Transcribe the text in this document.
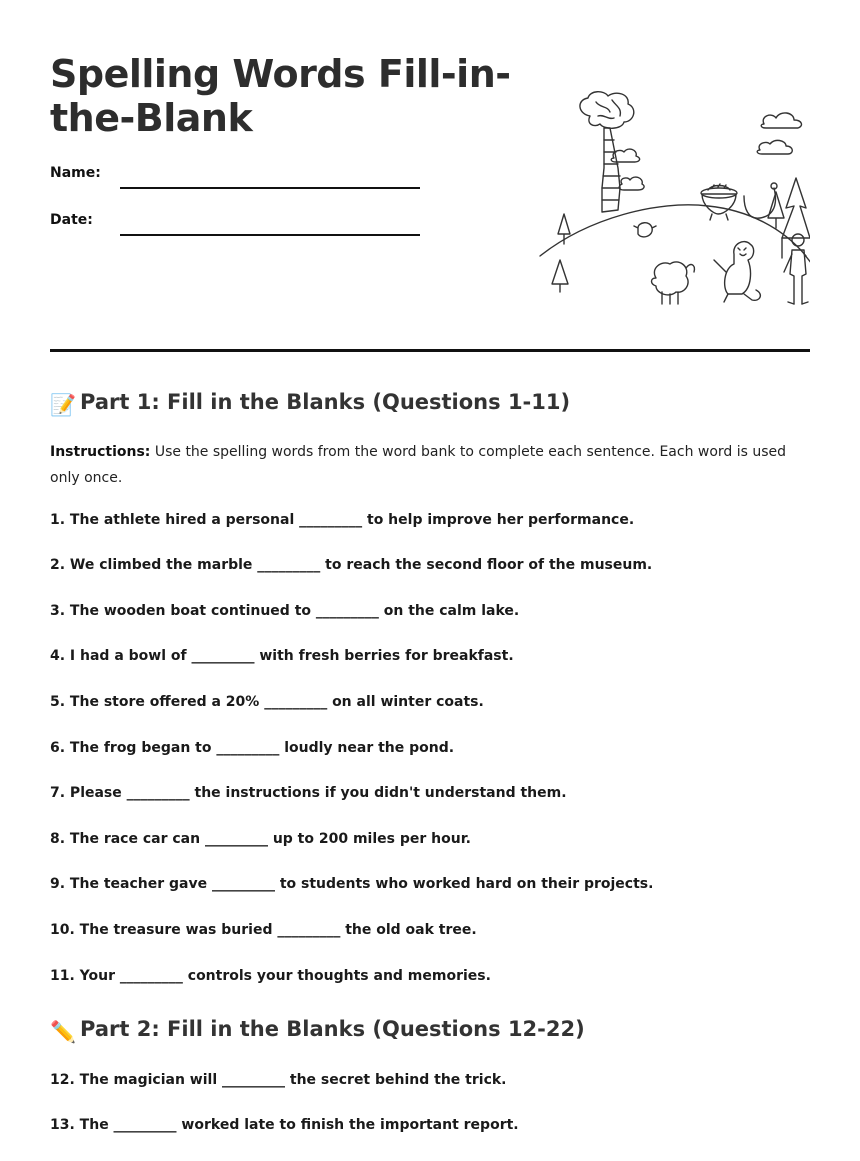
Spelling Words Fill-in-the-Blank
Name:
Date:
📝 Part 1: Fill in the Blanks (Questions 1-11)
Instructions: Use the spelling words from the word bank to complete each sentence. Each word is used only once.
1. The athlete hired a personal _________ to help improve her performance.
2. We climbed the marble _________ to reach the second floor of the museum.
3. The wooden boat continued to _________ on the calm lake.
4. I had a bowl of _________ with fresh berries for breakfast.
5. The store offered a 20% _________ on all winter coats.
6. The frog began to _________ loudly near the pond.
7. Please _________ the instructions if you didn't understand them.
8. The race car can _________ up to 200 miles per hour.
9. The teacher gave _________ to students who worked hard on their projects.
10. The treasure was buried _________ the old oak tree.
11. Your _________ controls your thoughts and memories.
✏️ Part 2: Fill in the Blanks (Questions 12-22)
12. The magician will _________ the secret behind the trick.
13. The _________ worked late to finish the important report.
